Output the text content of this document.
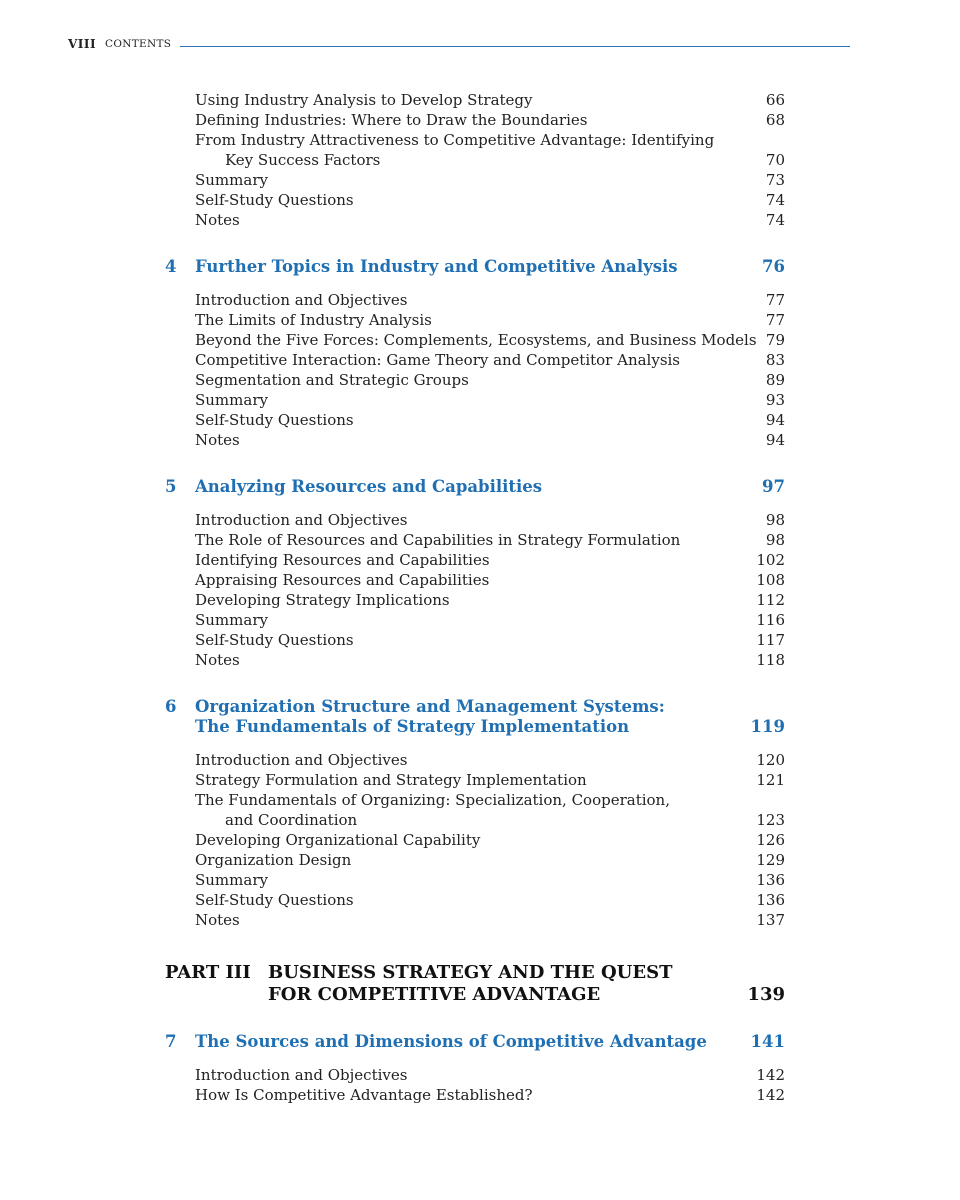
VIII CONTENTS
Using Industry Analysis to Develop Strategy	66
Defining Industries: Where to Draw the Boundaries	68
From Industry Attractiveness to Competitive Advantage: Identifying
Key Success Factors	70
Summary	73
Self-Study Questions	74
Notes	74
4 Further Topics in Industry and Competitive Analysis	76
Introduction and Objectives	77
The Limits of Industry Analysis	77
Beyond the Five Forces: Complements, Ecosystems, and Business Models 79
Competitive Interaction: Game Theory and Competitor Analysis	83
Segmentation and Strategic Groups	89
Summary	93
Self-Study Questions	94
Notes	94
5 Analyzing Resources and Capabilities	97
Introduction and Objectives	98
The Role of Resources and Capabilities in Strategy Formulation	98
Identifying Resources and Capabilities	102
Appraising Resources and Capabilities	108
Developing Strategy Implications	112
Summary	116
Self-Study Questions	117
Notes	118
6 Organization Structure and Management Systems:
The Fundamentals of Strategy Implementation	119
Introduction and Objectives	120
Strategy Formulation and Strategy Implementation	121
The Fundamentals of Organizing: Specialization, Cooperation,
and Coordination	123
Developing Organizational Capability	126
Organization Design	129
Summary	136
Self-Study Questions	136
Notes	137
PART III BUSINESS STRATEGY AND THE QUEST
FOR COMPETITIVE ADVANTAGE	139
7 The Sources and Dimensions of Competitive Advantage	141
Introduction and Objectives	142
How Is Competitive Advantage Established?	142
